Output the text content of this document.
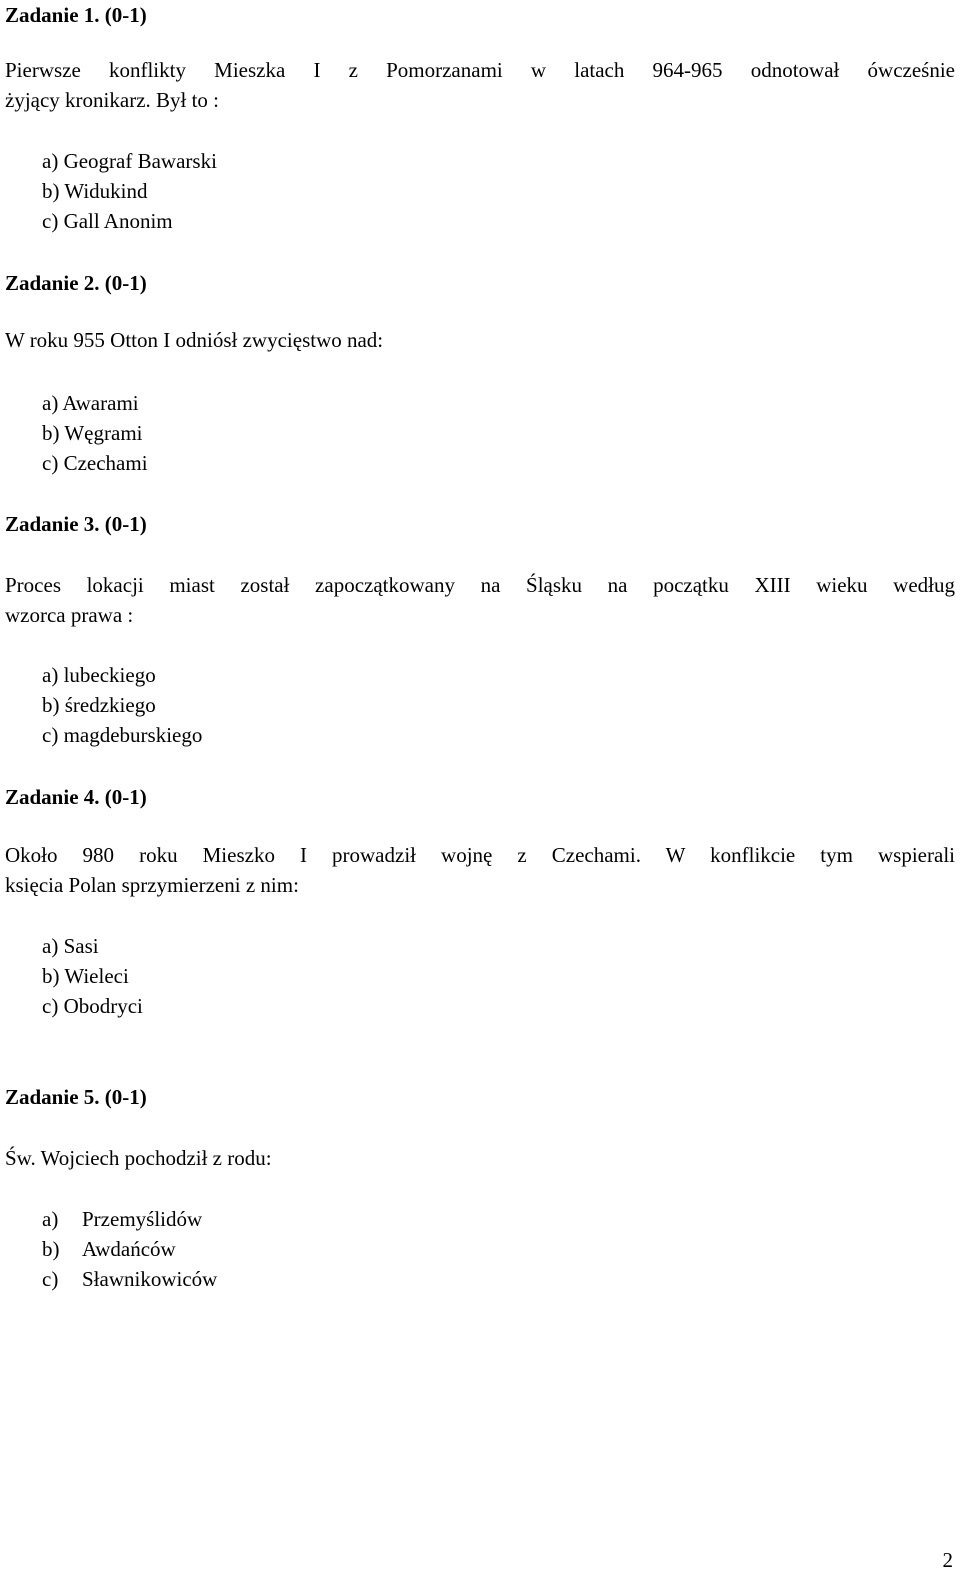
Zadanie 1. (0-1)
Pierwsze konflikty Mieszka I z Pomorzanami w latach 964-965 odnotował ówcześnie
żyjący kronikarz. Był to :
a) Geograf Bawarski
b) Widukind
c) Gall Anonim
Zadanie 2. (0-1)
W roku 955 Otton I odniósł zwycięstwo nad:
a) Awarami
b) Węgrami
c) Czechami
Zadanie 3. (0-1)
Proces lokacji miast został zapoczątkowany na Śląsku na początku XIII wieku według
wzorca prawa :
a) lubeckiego
b) średzkiego
c) magdeburskiego
Zadanie 4. (0-1)
Około 980 roku Mieszko I prowadził wojnę z Czechami. W konflikcie tym wspierali
księcia Polan sprzymierzeni z nim:
a) Sasi
b) Wieleci
c) Obodryci
Zadanie 5. (0-1)
Św. Wojciech pochodził z rodu:
a) Przemyślidów
b) Awdańców
c) Sławnikowiców
2
